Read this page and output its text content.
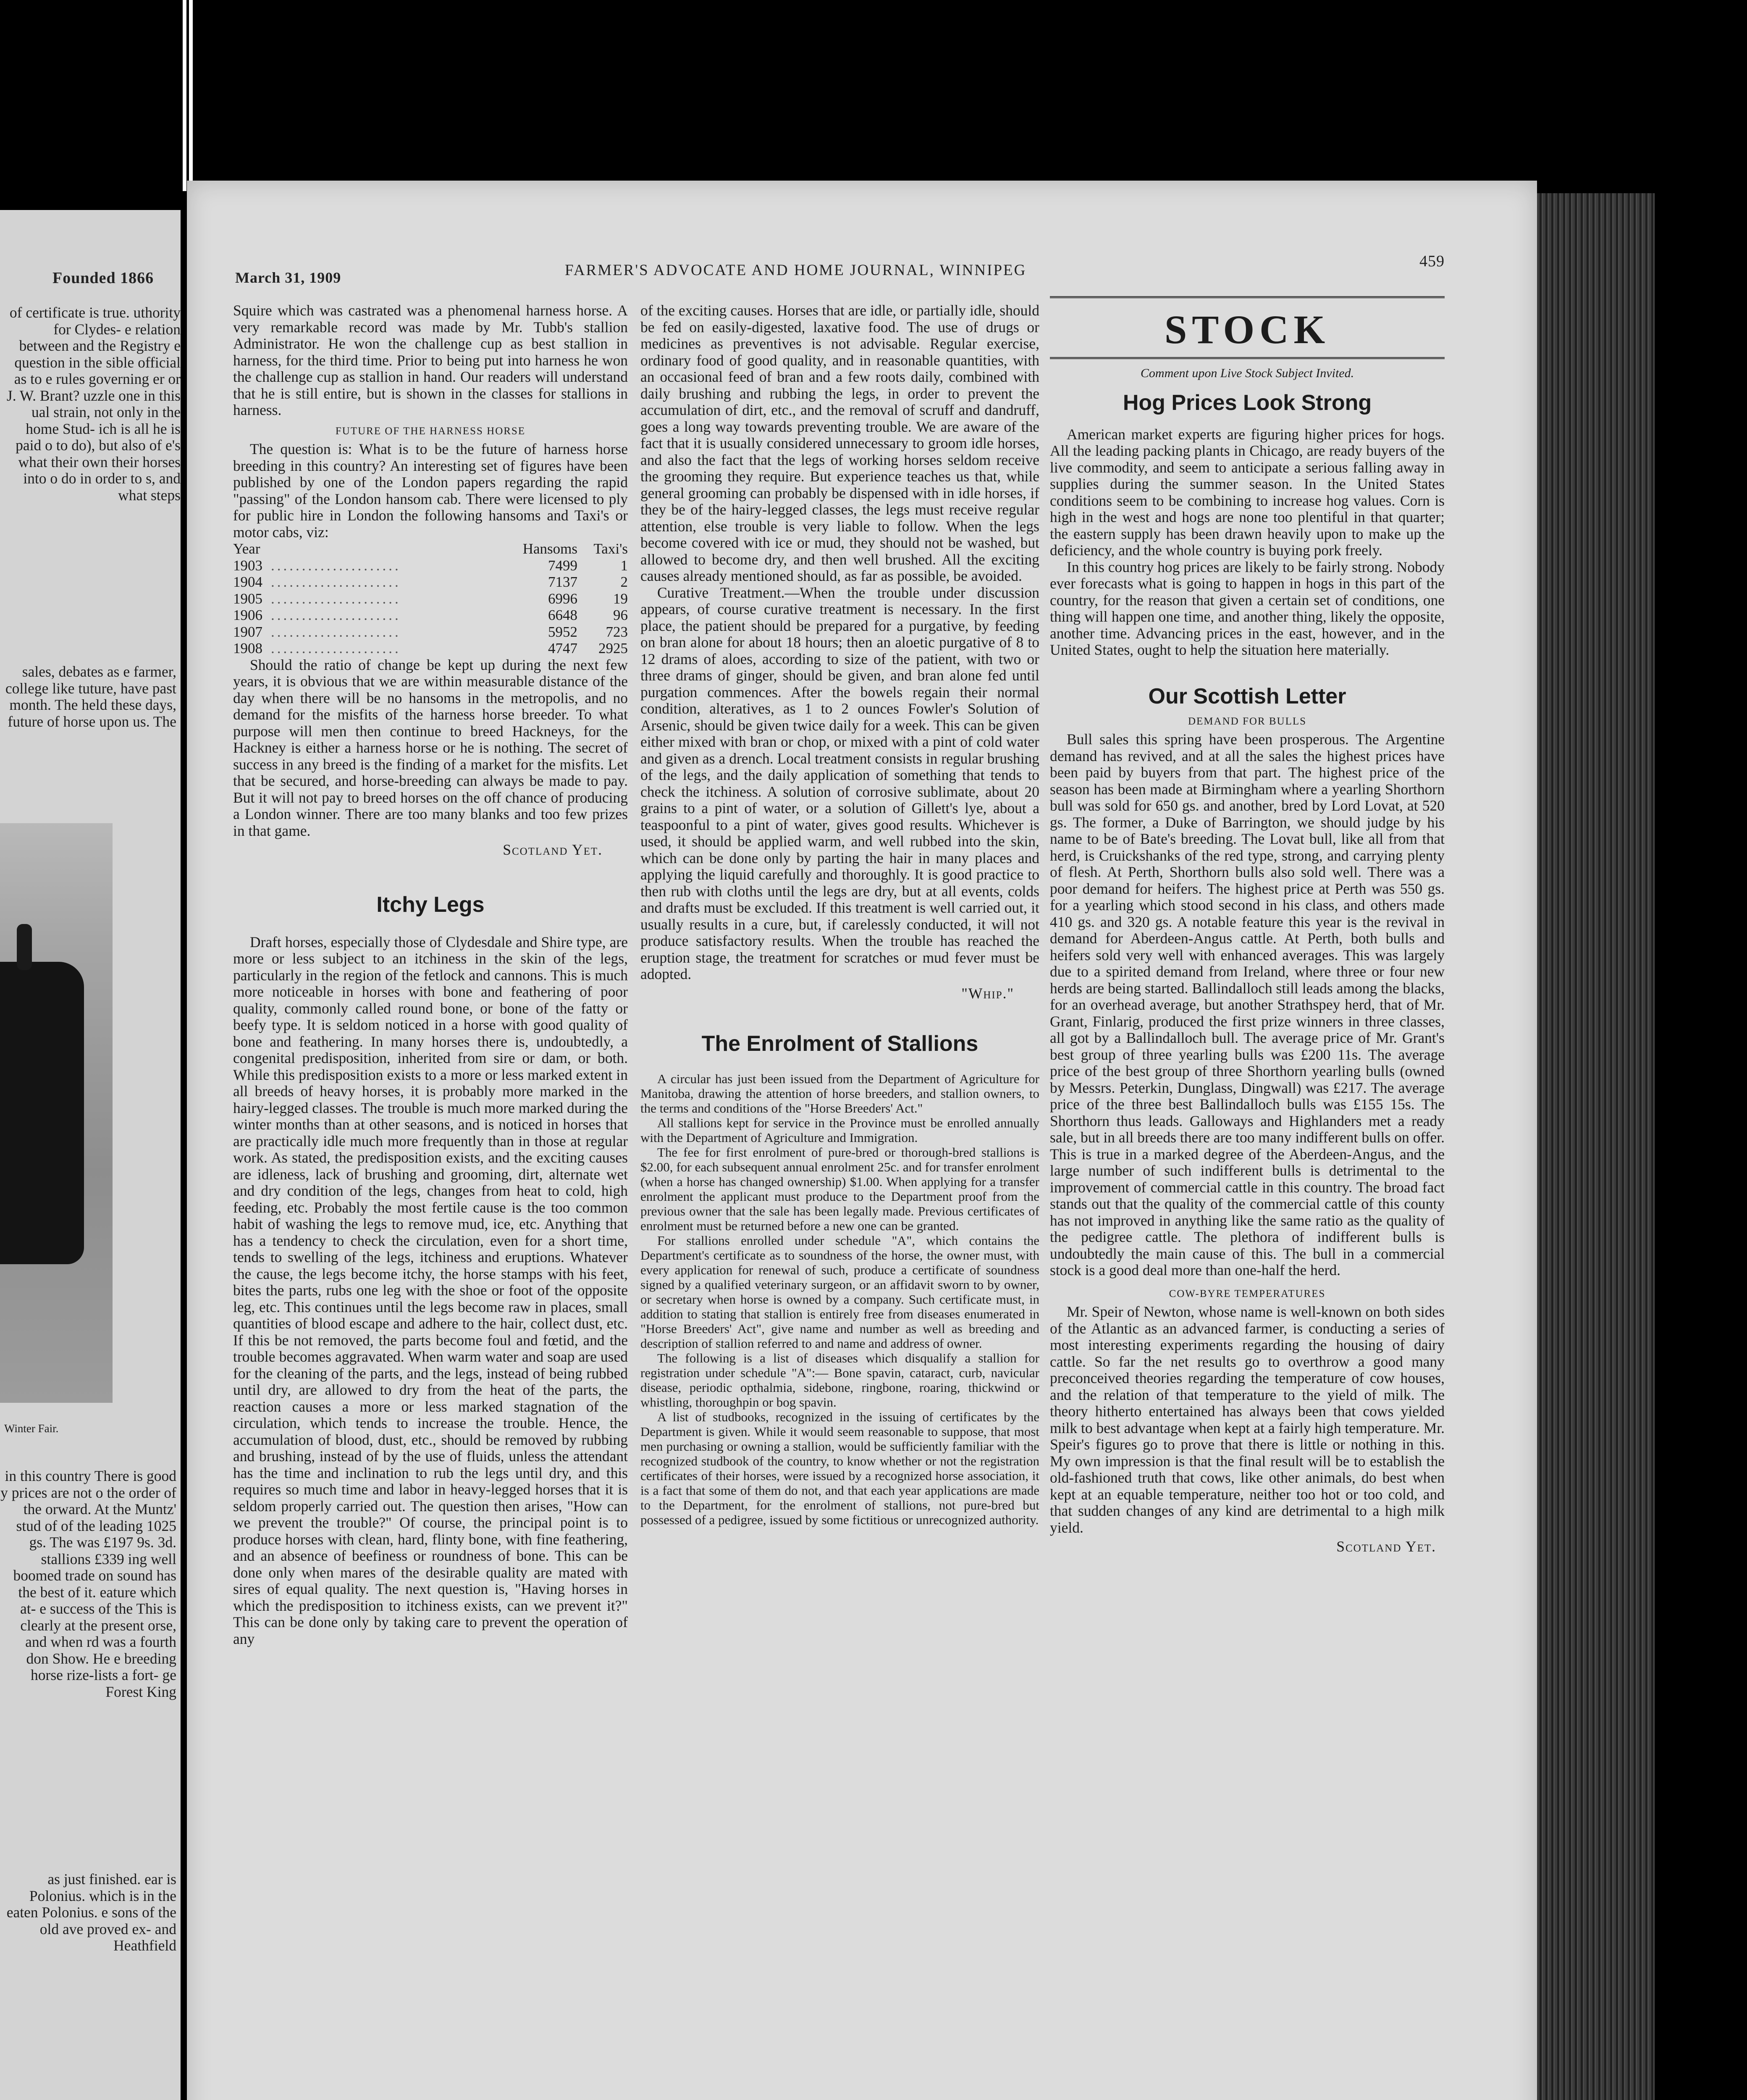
Founded 1866
of certificate is true. uthority for Clydes- e relation between and the Registry e question in the sible official as to e rules governing er or J. W. Brant? uzzle one in this ual strain, not only in the home Stud- ich is all he is paid o to do), but also of e's what their own their horses into o do in order to s, and what steps
sales, debates as e farmer, college like tuture, have past month. The held these days, future of horse upon us. The
Winter Fair.
in this country There is good y prices are not o the order of the orward. At the Muntz' stud of of the leading 1025 gs. The was £197 9s. 3d. stallions £339 ing well boomed trade on sound has the best of it. eature which at- e success of the This is clearly at the present orse, and when rd was a fourth don Show. He e breeding horse rize-lists a fort- ge Forest King
as just finished. ear is Polonius. which is in the eaten Polonius. e sons of the old ave proved ex- and Heathfield
March 31, 1909	FARMER'S ADVOCATE AND HOME JOURNAL, WINNIPEG
459

Squire which was castrated was a phenomenal harness horse. A very remarkable record was made by Mr. Tubb's stallion Administrator. He won the challenge cup as best stallion in harness, for the third time. Prior to being put into harness he won the challenge cup as stallion in hand. Our readers will understand that he is still entire, but is shown in the classes for stallions in harness.

FUTURE OF THE HARNESS HORSE

The question is: What is to be the future of harness horse breeding in this country? An interesting set of figures have been published by one of the London papers regarding the rapid "passing" of the London hansom cab. There were licensed to ply for public hire in London the following hansoms and Taxi's or motor cabs, viz:

Year		Hansoms	Taxi's
1903	.....................	7499	1
1904	.....................	7137	2
1905	.....................	6996	19
1906	.....................	6648	96
1907	.....................	5952	723
1908	.....................	4747	2925

Should the ratio of change be kept up during the next few years, it is obvious that we are within measurable distance of the day when there will be no hansoms in the metropolis, and no demand for the misfits of the harness horse breeder. To what purpose will men then continue to breed Hackneys, for the Hackney is either a harness horse or he is nothing. The secret of success in any breed is the finding of a market for the misfits. Let that be secured, and horse-breeding can always be made to pay. But it will not pay to breed horses on the off chance of producing a London winner. There are too many blanks and too few prizes in that game.

Scotland Yet.
Itchy Legs

Draft horses, especially those of Clydesdale and Shire type, are more or less subject to an itchiness in the skin of the legs, particularly in the region of the fetlock and cannons. This is much more noticeable in horses with bone and feathering of poor quality, commonly called round bone, or bone of the fatty or beefy type. It is seldom noticed in a horse with good quality of bone and feathering. In many horses there is, undoubtedly, a congenital predisposition, inherited from sire or dam, or both. While this predisposition exists to a more or less marked extent in all breeds of heavy horses, it is probably more marked in the hairy-legged classes. The trouble is much more marked during the winter months than at other seasons, and is noticed in horses that are practically idle much more frequently than in those at regular work. As stated, the predisposition exists, and the exciting causes are idleness, lack of brushing and grooming, dirt, alternate wet and dry condition of the legs, changes from heat to cold, high feeding, etc. Probably the most fertile cause is the too common habit of washing the legs to remove mud, ice, etc. Anything that has a tendency to check the circulation, even for a short time, tends to swelling of the legs, itchiness and eruptions. Whatever the cause, the legs become itchy, the horse stamps with his feet, bites the parts, rubs one leg with the shoe or foot of the opposite leg, etc. This continues until the legs become raw in places, small quantities of blood escape and adhere to the hair, collect dust, etc. If this be not removed, the parts become foul and fœtid, and the trouble becomes aggravated. When warm water and soap are used for the cleaning of the parts, and the legs, instead of being rubbed until dry, are allowed to dry from the heat of the parts, the reaction causes a more or less marked stagnation of the circulation, which tends to increase the trouble. Hence, the accumulation of blood, dust, etc., should be removed by rubbing and brushing, instead of by the use of fluids, unless the attendant has the time and inclination to rub the legs until dry, and this requires so much time and labor in heavy-legged horses that it is seldom properly carried out. The question then arises, "How can we prevent the trouble?" Of course, the principal point is to produce horses with clean, hard, flinty bone, with fine feathering, and an absence of beefiness or roundness of bone. This can be done only when mares of the desirable quality are mated with sires of equal quality. The next question is, "Having horses in which the predisposition to itchiness exists, can we prevent it?" This can be done only by taking care to prevent the operation of any

of the exciting causes. Horses that are idle, or partially idle, should be fed on easily-digested, laxative food. The use of drugs or medicines as preventives is not advisable. Regular exercise, ordinary food of good quality, and in reasonable quantities, with an occasional feed of bran and a few roots daily, combined with daily brushing and rubbing the legs, in order to prevent the accumulation of dirt, etc., and the removal of scruff and dandruff, goes a long way towards preventing trouble. We are aware of the fact that it is usually considered unnecessary to groom idle horses, and also the fact that the legs of working horses seldom receive the grooming they require. But experience teaches us that, while general grooming can probably be dispensed with in idle horses, if they be of the hairy-legged classes, the legs must receive regular attention, else trouble is very liable to follow. When the legs become covered with ice or mud, they should not be washed, but allowed to become dry, and then well brushed. All the exciting causes already mentioned should, as far as possible, be avoided.

Curative Treatment.—When the trouble under discussion appears, of course curative treatment is necessary. In the first place, the patient should be prepared for a purgative, by feeding on bran alone for about 18 hours; then an aloetic purgative of 8 to 12 drams of aloes, according to size of the patient, with two or three drams of ginger, should be given, and bran alone fed until purgation commences. After the bowels regain their normal condition, alteratives, as 1 to 2 ounces Fowler's Solution of Arsenic, should be given twice daily for a week. This can be given either mixed with bran or chop, or mixed with a pint of cold water and given as a drench. Local treatment consists in regular brushing of the legs, and the daily application of something that tends to check the itchiness. A solution of corrosive sublimate, about 20 grains to a pint of water, or a solution of Gillett's lye, about a teaspoonful to a pint of water, gives good results. Whichever is used, it should be applied warm, and well rubbed into the skin, which can be done only by parting the hair in many places and applying the liquid carefully and thoroughly. It is good practice to then rub with cloths until the legs are dry, but at all events, colds and drafts must be excluded. If this treatment is well carried out, it usually results in a cure, but, if carelessly conducted, it will not produce satisfactory results. When the trouble has reached the eruption stage, the treatment for scratches or mud fever must be adopted.

"Whip."
The Enrolment of Stallions

A circular has just been issued from the Department of Agriculture for Manitoba, drawing the attention of horse breeders, and stallion owners, to the terms and conditions of the "Horse Breeders' Act."

All stallions kept for service in the Province must be enrolled annually with the Department of Agriculture and Immigration.

The fee for first enrolment of pure-bred or thorough-bred stallions is $2.00, for each subsequent annual enrolment 25c. and for transfer enrolment (when a horse has changed ownership) $1.00. When applying for a transfer enrolment the applicant must produce to the Department proof from the previous owner that the sale has been legally made. Previous certificates of enrolment must be returned before a new one can be granted.

For stallions enrolled under schedule "A", which contains the Department's certificate as to soundness of the horse, the owner must, with every application for renewal of such, produce a certificate of soundness signed by a qualified veterinary surgeon, or an affidavit sworn to by owner, or secretary when horse is owned by a company. Such certificate must, in addition to stating that stallion is entirely free from diseases enumerated in "Horse Breeders' Act", give name and number as well as breeding and description of stallion referred to and name and address of owner.

The following is a list of diseases which disqualify a stallion for registration under schedule "A":— Bone spavin, cataract, curb, navicular disease, periodic opthalmia, sidebone, ringbone, roaring, thickwind or whistling, thoroughpin or bog spavin.

A list of studbooks, recognized in the issuing of certificates by the Department is given. While it would seem reasonable to suppose, that most men purchasing or owning a stallion, would be sufficiently familiar with the recognized studbook of the country, to know whether or not the registration certificates of their horses, were issued by a recognized horse association, it is a fact that some of them do not, and that each year applications are made to the Department, for the enrolment of stallions, not pure-bred but possessed of a pedigree, issued by some fictitious or unrecognized authority.

STOCK
Comment upon Live Stock Subject Invited.
Hog Prices Look Strong

American market experts are figuring higher prices for hogs. All the leading packing plants in Chicago, are ready buyers of the live commodity, and seem to anticipate a serious falling away in supplies during the summer season. In the United States conditions seem to be combining to increase hog values. Corn is high in the west and hogs are none too plentiful in that quarter; the eastern supply has been drawn heavily upon to make up the deficiency, and the whole country is buying pork freely.

In this country hog prices are likely to be fairly strong. Nobody ever forecasts what is going to happen in hogs in this part of the country, for the reason that given a certain set of conditions, one thing will happen one time, and another thing, likely the opposite, another time. Advancing prices in the east, however, and in the United States, ought to help the situation here materially.

Our Scottish Letter
DEMAND FOR BULLS

Bull sales this spring have been prosperous. The Argentine demand has revived, and at all the sales the highest prices have been paid by buyers from that part. The highest price of the season has been made at Birmingham where a yearling Shorthorn bull was sold for 650 gs. and another, bred by Lord Lovat, at 520 gs. The former, a Duke of Barrington, we should judge by his name to be of Bate's breeding. The Lovat bull, like all from that herd, is Cruickshanks of the red type, strong, and carrying plenty of flesh. At Perth, Shorthorn bulls also sold well. There was a poor demand for heifers. The highest price at Perth was 550 gs. for a yearling which stood second in his class, and others made 410 gs. and 320 gs. A notable feature this year is the revival in demand for Aberdeen-Angus cattle. At Perth, both bulls and heifers sold very well with enhanced averages. This was largely due to a spirited demand from Ireland, where three or four new herds are being started. Ballindalloch still leads among the blacks, for an overhead average, but another Strathspey herd, that of Mr. Grant, Finlarig, produced the first prize winners in three classes, all got by a Ballindalloch bull. The average price of Mr. Grant's best group of three yearling bulls was £200 11s. The average price of the best group of three Shorthorn yearling bulls (owned by Messrs. Peterkin, Dunglass, Dingwall) was £217. The average price of the three best Ballindalloch bulls was £155 15s. The Shorthorn thus leads. Galloways and Highlanders met a ready sale, but in all breeds there are too many indifferent bulls on offer. This is true in a marked degree of the Aberdeen-Angus, and the large number of such indifferent bulls is detrimental to the improvement of commercial cattle in this country. The broad fact stands out that the quality of the commercial cattle of this county has not improved in anything like the same ratio as the quality of the pedigree cattle. The plethora of indifferent bulls is undoubtedly the main cause of this. The bull in a commercial stock is a good deal more than one-half the herd.

COW-BYRE TEMPERATURES

Mr. Speir of Newton, whose name is well-known on both sides of the Atlantic as an advanced farmer, is conducting a series of most interesting experiments regarding the housing of dairy cattle. So far the net results go to overthrow a good many preconceived theories regarding the temperature of cow houses, and the relation of that temperature to the yield of milk. The theory hitherto entertained has always been that cows yielded milk to best advantage when kept at a fairly high temperature. Mr. Speir's figures go to prove that there is little or nothing in this. My own impression is that the final result will be to establish the old-fashioned truth that cows, like other animals, do best when kept at an equable temperature, neither too hot or too cold, and that sudden changes of any kind are detrimental to a high milk yield.

Scotland Yet.
